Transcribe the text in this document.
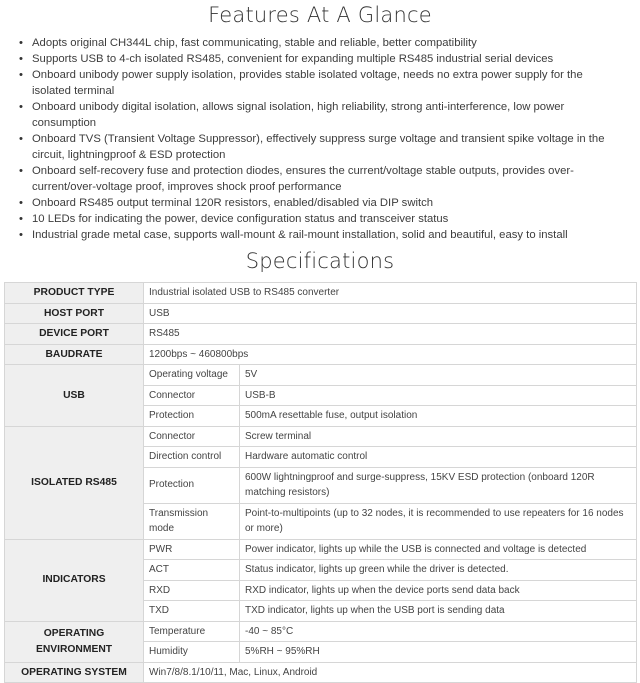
Features At A Glance
• Adopts original CH344L chip, fast communicating, stable and reliable, better compatibility
• Supports USB to 4-ch isolated RS485, convenient for expanding multiple RS485 industrial serial devices
• Onboard unibody power supply isolation, provides stable isolated voltage, needs no extra power supply for the isolated terminal
• Onboard unibody digital isolation, allows signal isolation, high reliability, strong anti-interference, low power consumption
• Onboard TVS (Transient Voltage Suppressor), effectively suppress surge voltage and transient spike voltage in the circuit, lightningproof & ESD protection
• Onboard self-recovery fuse and protection diodes, ensures the current/voltage stable outputs, provides over-current/over-voltage proof, improves shock proof performance
• Onboard RS485 output terminal 120R resistors, enabled/disabled via DIP switch
• 10 LEDs for indicating the power, device configuration status and transceiver status
• Industrial grade metal case, supports wall-mount & rail-mount installation, solid and beautiful, easy to install
Specifications
PRODUCT TYPE	Industrial isolated USB to RS485 converter	
HOST PORT	USB	
DEVICE PORT	RS485	
BAUDRATE	1200bps ~ 460800bps	
USB	Operating voltage	5V
	Connector	USB-B
	Protection	500mA resettable fuse, output isolation
ISOLATED RS485	Connector	Screw terminal
	Direction control	Hardware automatic control
	Protection	600W lightningproof and surge-suppress, 15KV ESD protection (onboard 120R matching resistors)
	Transmission mode	Point-to-multipoints (up to 32 nodes, it is recommended to use repeaters for 16 nodes or more)
INDICATORS	PWR	Power indicator, lights up while the USB is connected and voltage is detected
	ACT	Status indicator, lights up green while the driver is detected.
	RXD	RXD indicator, lights up when the device ports send data back
	TXD	TXD indicator, lights up when the USB port is sending data
OPERATING ENVIRONMENT	Temperature	-40 ~ 85°C
	Humidity	5%RH ~ 95%RH
OPERATING SYSTEM	Win7/8/8.1/10/11, Mac, Linux, Android	
